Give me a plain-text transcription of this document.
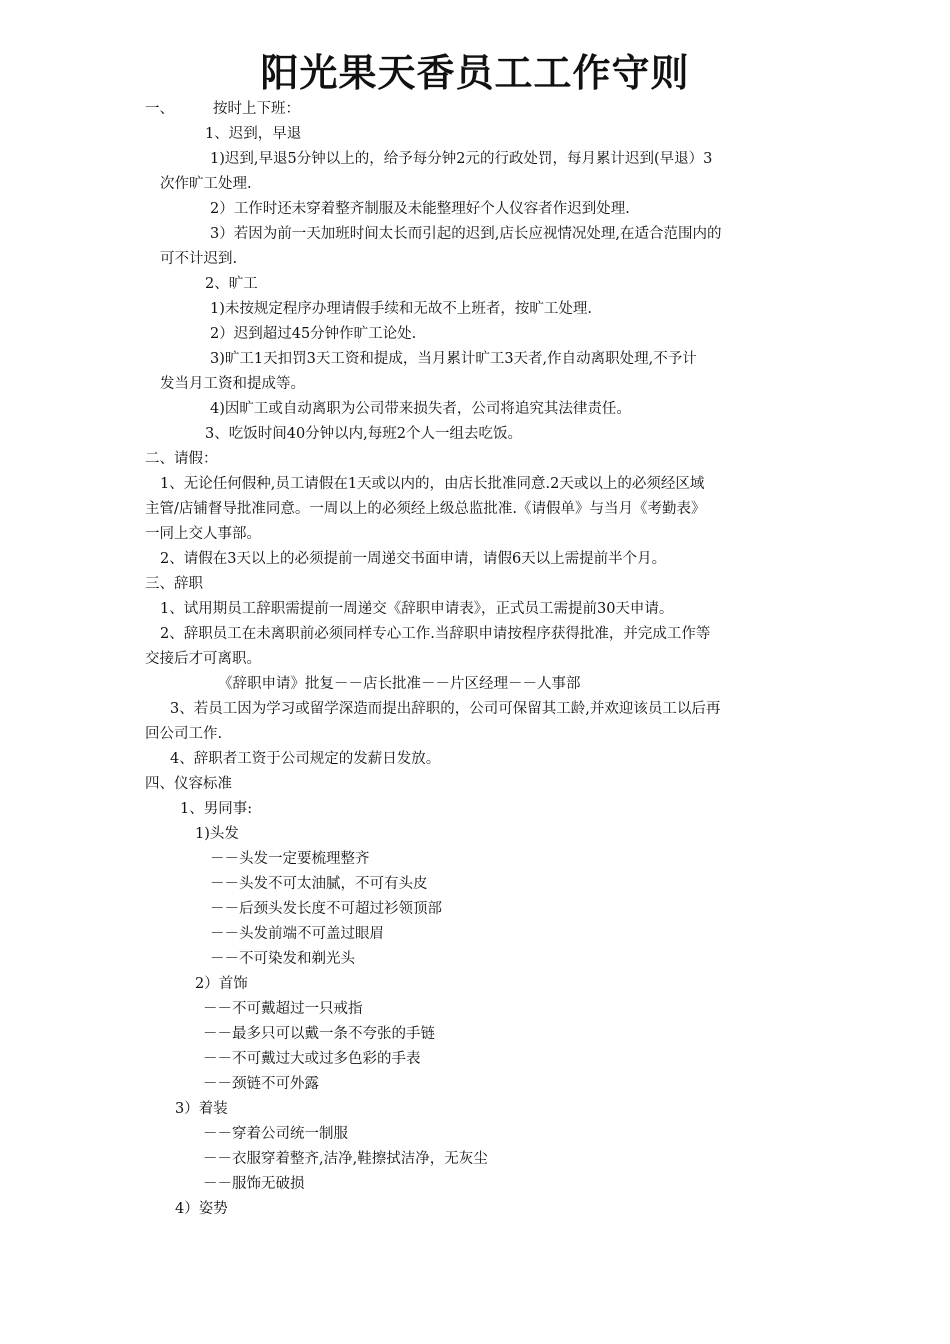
阳光果天香员工工作守则

一、	按时上下班：

1、迟到，早退

1)迟到,早退5分钟以上的，给予每分钟2元的行政处罚，每月累计迟到(早退）3

次作旷工处理.

2）工作时还未穿着整齐制服及未能整理好个人仪容者作迟到处理.

3）若因为前一天加班时间太长而引起的迟到,店长应视情况处理,在适合范围内的

可不计迟到.

2、旷工

1)未按规定程序办理请假手续和无故不上班者，按旷工处理.

2）迟到超过45分钟作旷工论处.

3)旷工1天扣罚3天工资和提成，当月累计旷工3天者,作自动离职处理,不予计

发当月工资和提成等。

4)因旷工或自动离职为公司带来损失者，公司将追究其法律责任。

3、吃饭时间40分钟以内,每班2个人一组去吃饭。

二、请假：

1、无论任何假种,员工请假在1天或以内的，由店长批准同意.2天或以上的必须经区域

主管/店铺督导批准同意。一周以上的必须经上级总监批准.《请假单》与当月《考勤表》

一同上交人事部。

2、请假在3天以上的必须提前一周递交书面申请，请假6天以上需提前半个月。

三、辞职

1、试用期员工辞职需提前一周递交《辞职申请表》，正式员工需提前30天申请。

2、辞职员工在未离职前必须同样专心工作.当辞职申请按程序获得批准，并完成工作等

交接后才可离职。

《辞职申请》批复－－店长批准－－片区经理－－人事部

3、若员工因为学习或留学深造而提出辞职的，公司可保留其工龄,并欢迎该员工以后再

回公司工作.

4、辞职者工资于公司规定的发薪日发放。

四、仪容标准

1、男同事:

1)头发

－－头发一定要梳理整齐

－－头发不可太油腻，不可有头皮

－－后颈头发长度不可超过衫领顶部

－－头发前端不可盖过眼眉

－－不可染发和剃光头

2）首饰

－－不可戴超过一只戒指

－－最多只可以戴一条不夸张的手链

－－不可戴过大或过多色彩的手表

－－颈链不可外露

3）着装

－－穿着公司统一制服

－－衣服穿着整齐,洁净,鞋擦拭洁净，无灰尘

－－服饰无破损

4）姿势
